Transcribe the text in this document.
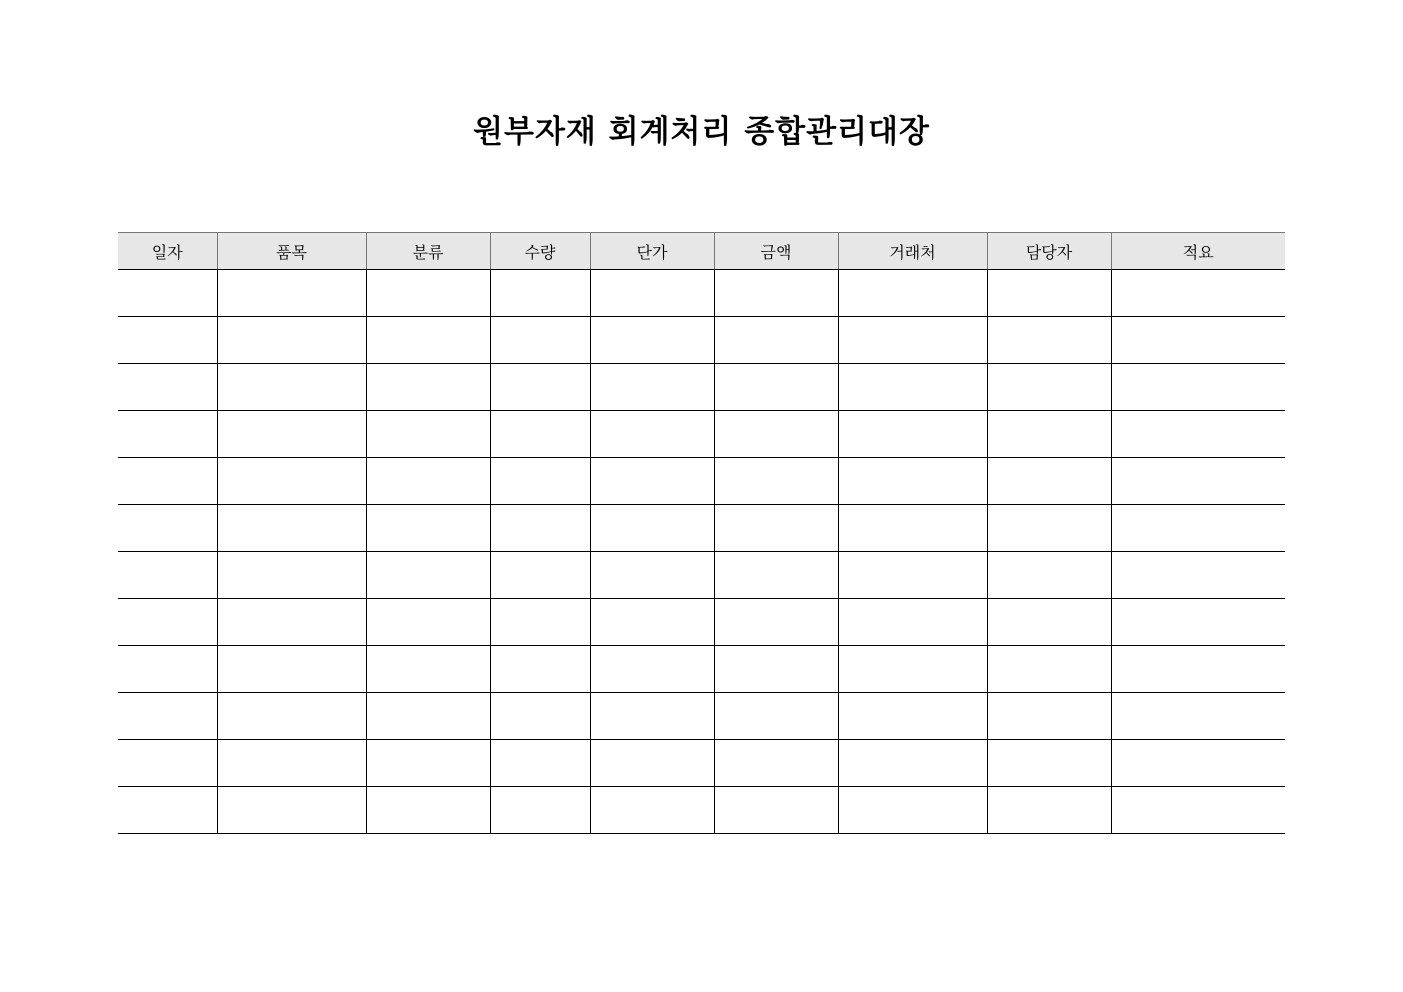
원부자재 회계처리 종합관리대장
일자	품목	분류	수량	단가	금액	거래처	담당자	적요
